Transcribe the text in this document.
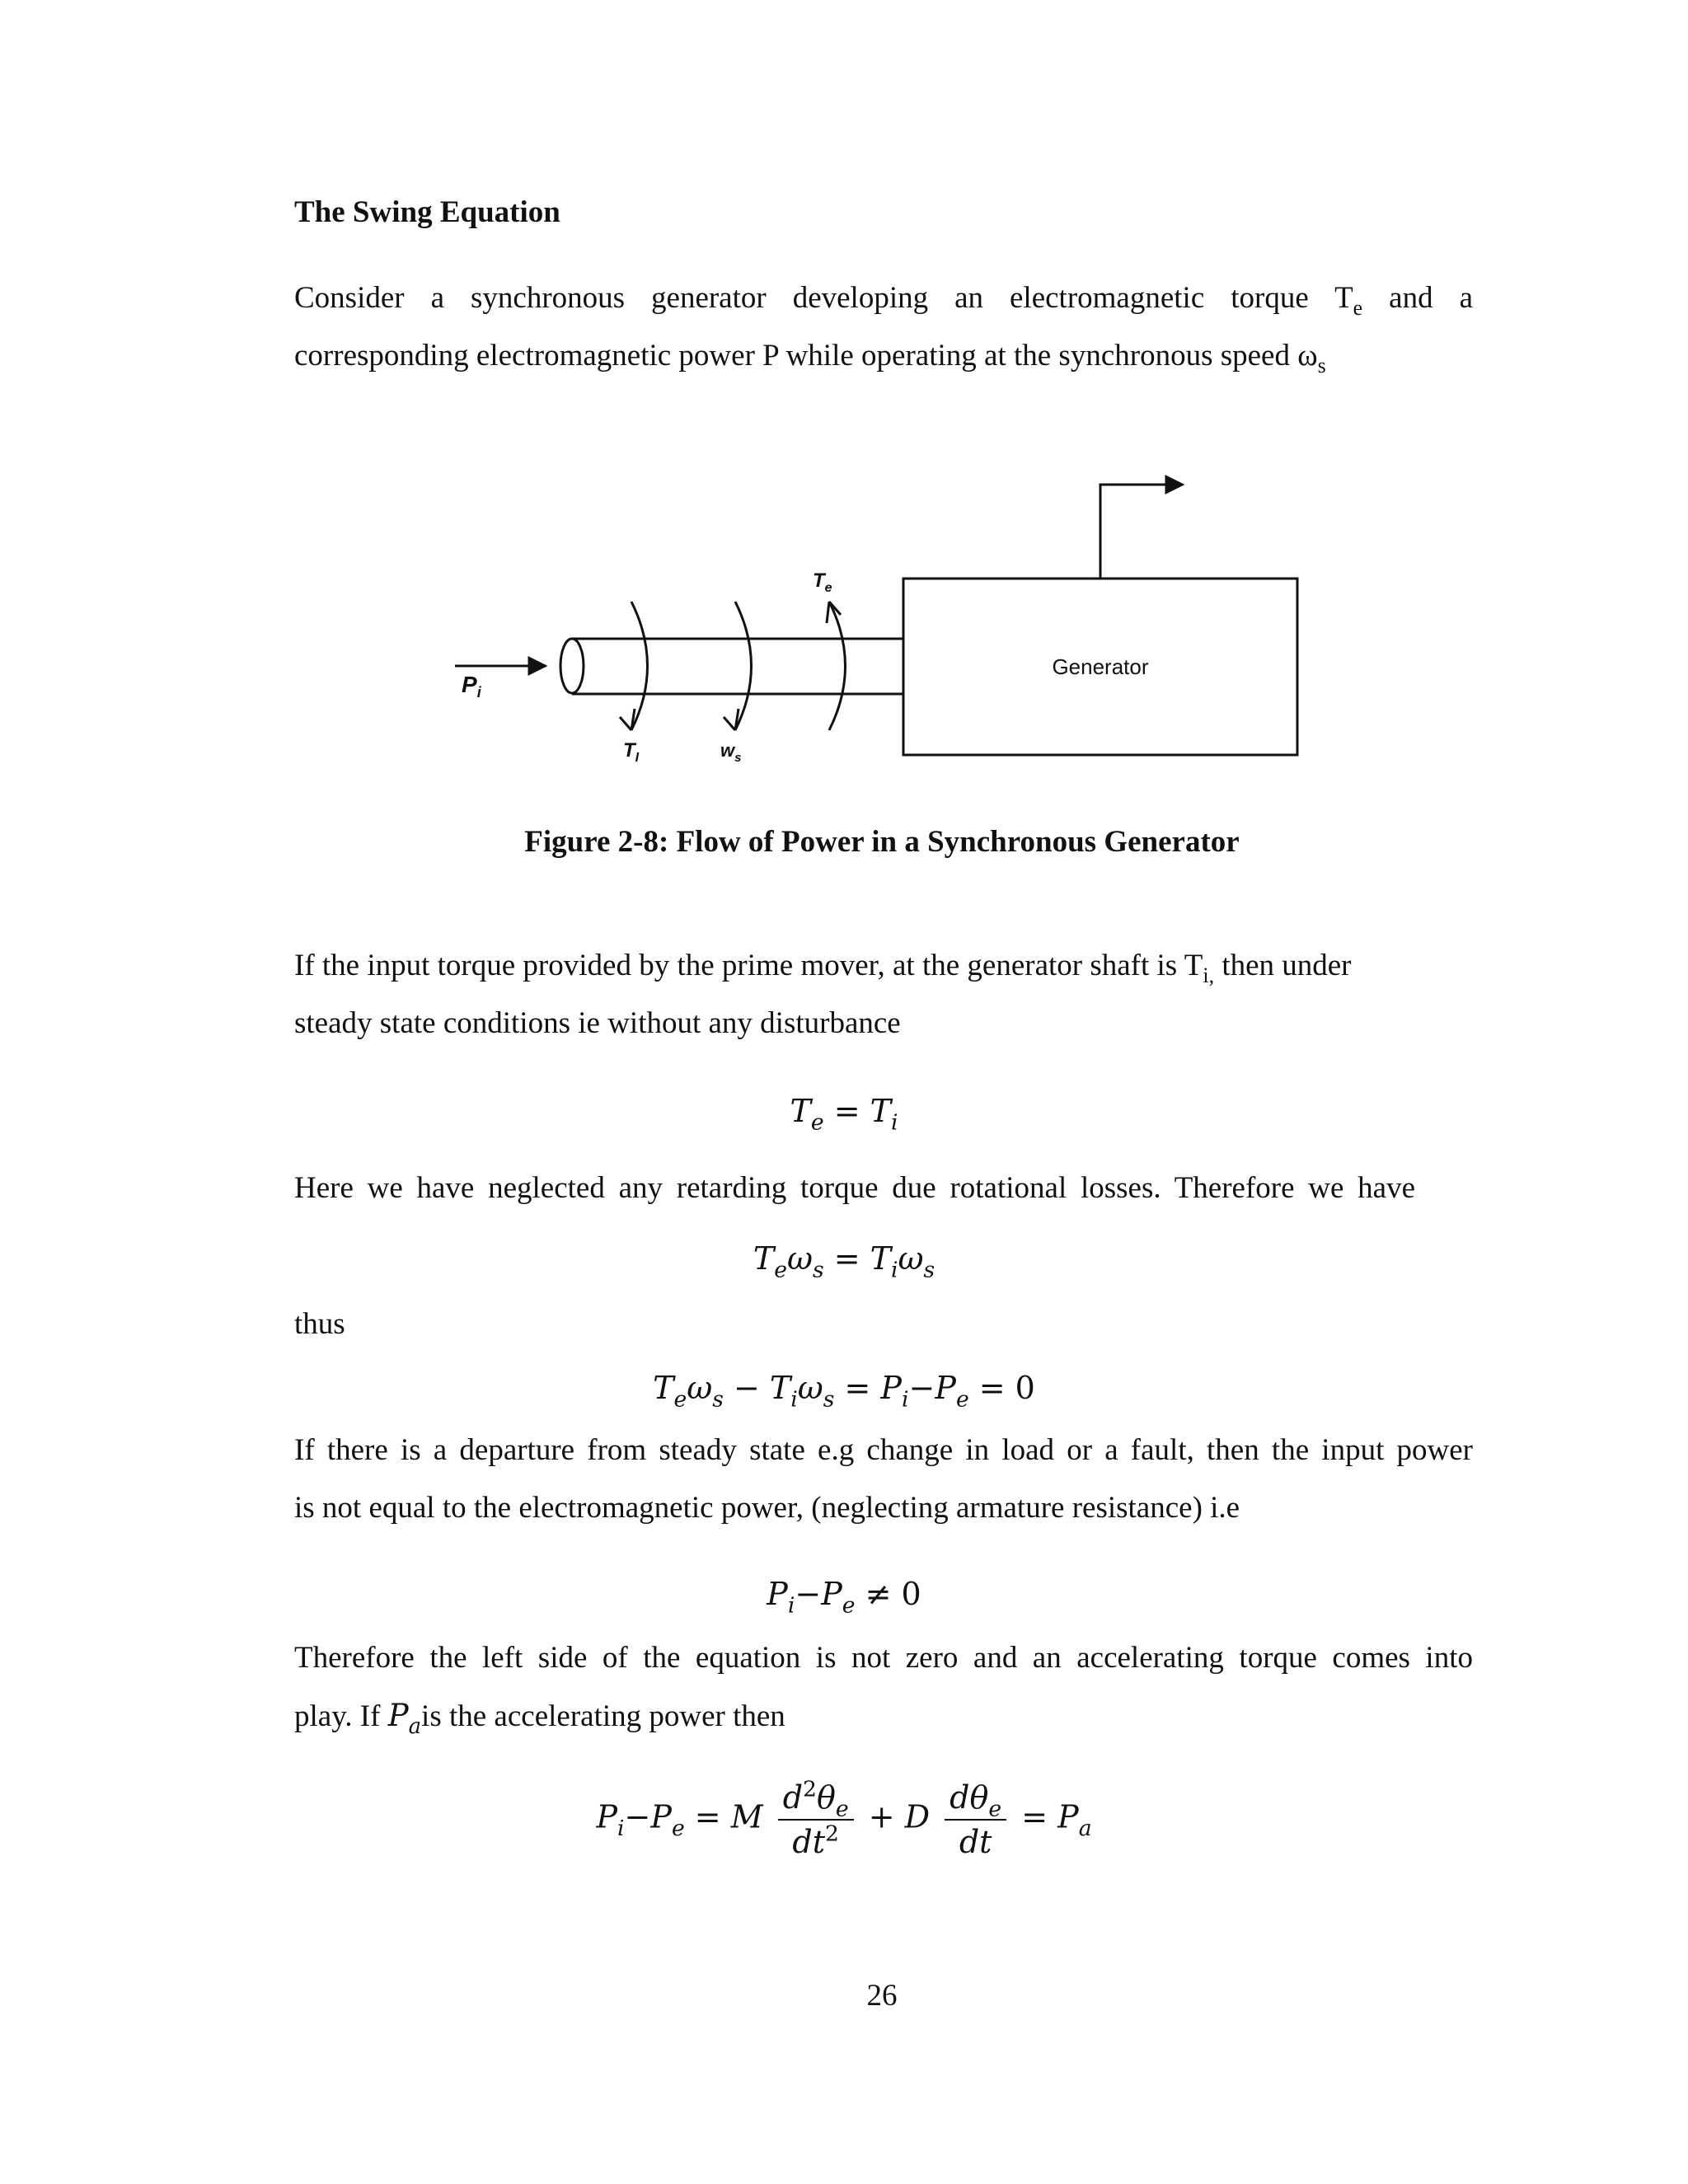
The Swing Equation
Consider a synchronous generator developing an electromagnetic torque $T_e$ and a
corresponding electromagnetic power P while operating at the synchronous speed $\omega_s$
Generator
$P_i$
$T_e$
$T_I$	$w_s$
Figure 2-8: Flow of Power in a Synchronous Generator
If the input torque provided by the prime mover, at the generator shaft is $T_{i,}$ then under
steady state conditions ie without any disturbance
$T_e = T_i$
Here we have neglected any retarding torque due rotational losses. Therefore we have
$T_e\omega_s = T_i\omega_s$
thus
$T_e\omega_s - T_i\omega_s = P_i-P_e = 0$
If there is a departure from steady state e.g change in load or a fault, then the input power
is not equal to the electromagnetic power, (neglecting armature resistance) i.e
$P_i-P_e \ne 0$
Therefore the left side of the equation is not zero and an accelerating torque comes into
play. If $P_ais$ the accelerating power then
$P_i-P_e = M \frac{d^2\theta_e}{dt^2} + D \frac{d\theta_e}{dt} = P_a$
26
